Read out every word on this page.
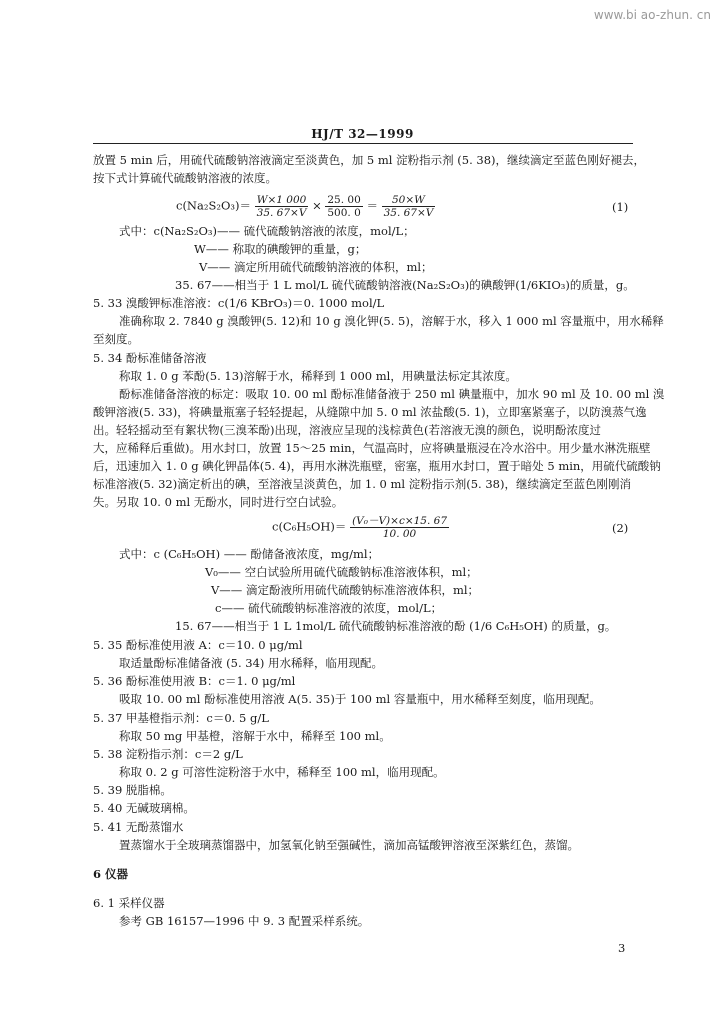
www.bi ao-zhun. cn
HJ/T 32—1999
放置 5 min 后，用硫代硫酸钠溶液滴定至淡黄色，加 5 ml 淀粉指示剂 (5. 38)，继续滴定至蓝色刚好褪去，
按下式计算硫代硫酸钠溶液的浓度。
$c(Na_2S_2O_3)= \frac{W\times 1 000}{35. 67\times V} \times \frac{25. 00}{500. 0} = \frac{50\times W}{35. 67\times V}$	(1)
式中：c(Na₂S₂O₃)—— 硫代硫酸钠溶液的浓度，mol/L；
W—— 称取的碘酸钾的重量，g；
V—— 滴定所用硫代硫酸钠溶液的体积，ml；
35. 67——相当于 1 L mol/L 硫代硫酸钠溶液(Na₂S₂O₃)的碘酸钾(1/6KIO₃)的质量，g。
5. 33 溴酸钾标准溶液：c(1/6 KBrO₃)＝0. 1000 mol/L
准确称取 2. 7840 g 溴酸钾(5. 12)和 10 g 溴化钾(5. 5)，溶解于水，移入 1 000 ml 容量瓶中，用水稀释
至刻度。
5. 34 酚标准储备溶液
称取 1. 0 g 苯酚(5. 13)溶解于水，稀释到 1 000 ml，用碘量法标定其浓度。
酚标准储备溶液的标定：吸取 10. 00 ml 酚标准储备液于 250 ml 碘量瓶中，加水 90 ml 及 10. 00 ml 溴
酸钾溶液(5. 33)，将碘量瓶塞子轻轻提起，从缝隙中加 5. 0 ml 浓盐酸(5. 1)，立即塞紧塞子，以防溴蒸气逸
出。轻轻摇动至有絮状物(三溴苯酚)出现，溶液应呈现的浅棕黄色(若溶液无溴的颜色，说明酚浓度过
大，应稀释后重做)。用水封口，放置 15～25 min，气温高时，应将碘量瓶浸在冷水浴中。用少量水淋洗瓶壁
后，迅速加入 1. 0 g 碘化钾晶体(5. 4)，再用水淋洗瓶壁，密塞，瓶用水封口，置于暗处 5 min，用硫代硫酸钠
标准溶液(5. 32)滴定析出的碘，至溶液呈淡黄色，加 1. 0 ml 淀粉指示剂(5. 38)，继续滴定至蓝色刚刚消
失。另取 10. 0 ml 无酚水，同时进行空白试验。
$c(C_6H_5OH)= \frac{\text{(V₀－V)×c×15. 67}}{10. 00}$	(2)
式中：c (C₆H₅OH) —— 酚储备液浓度，mg/ml；
V₀—— 空白试验所用硫代硫酸钠标准溶液体积，ml；
V—— 滴定酚液所用硫代硫酸钠标准溶液体积，ml；
c—— 硫代硫酸钠标准溶液的浓度，mol/L；
15. 67——相当于 1 L 1mol/L 硫代硫酸钠标准溶液的酚 (1/6 C₆H₅OH) 的质量，g。
5. 35 酚标准使用液 A：c＝10. 0 μg/ml
取适量酚标准储备液 (5. 34) 用水稀释，临用现配。
5. 36 酚标准使用液 B：c＝1. 0 μg/ml
吸取 10. 00 ml 酚标准使用溶液 A(5. 35)于 100 ml 容量瓶中，用水稀释至刻度，临用现配。
5. 37 甲基橙指示剂：c＝0. 5 g/L
称取 50 mg 甲基橙，溶解于水中，稀释至 100 ml。
5. 38 淀粉指示剂：c＝2 g/L
称取 0. 2 g 可溶性淀粉溶于水中，稀释至 100 ml，临用现配。
5. 39 脱脂棉。
5. 40 无碱玻璃棉。
5. 41 无酚蒸馏水
置蒸馏水于全玻璃蒸馏器中，加氢氧化钠至强碱性，滴加高锰酸钾溶液至深紫红色，蒸馏。
6 仪器
6. 1 采样仪器
参考 GB 16157—1996 中 9. 3 配置采样系统。
3
